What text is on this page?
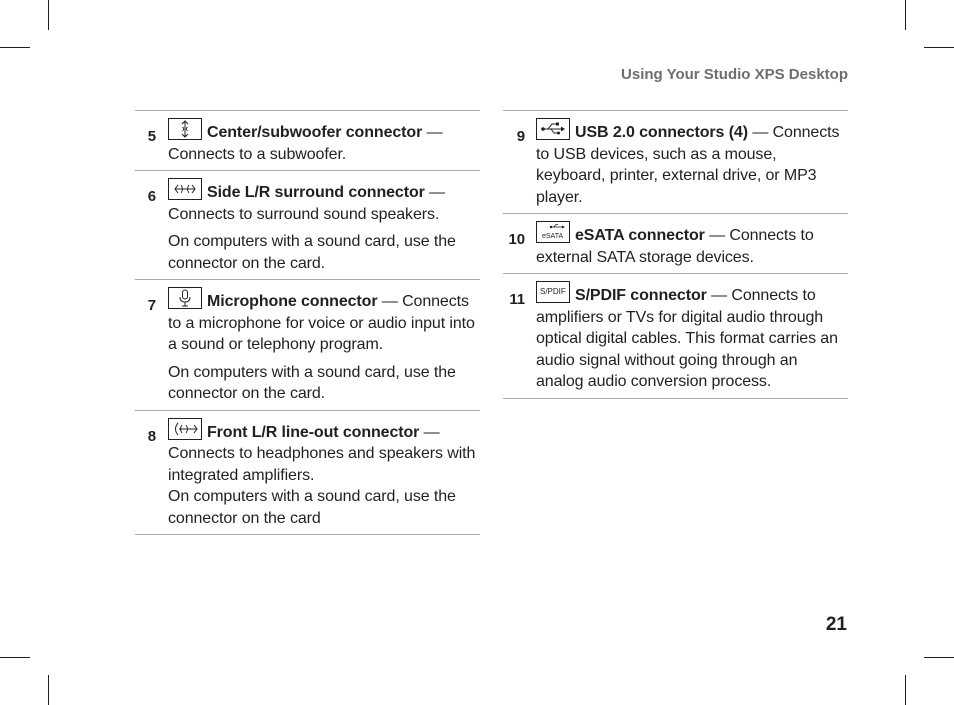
Using Your Studio XPS Desktop
5	Center/subwoofer connector — Connects to a subwoofer.
6	Side L/R surround connector — Connects to surround sound speakers.

On computers with a sound card, use the connector on the card.

7	Microphone connector — Connects to a microphone for voice or audio input into a sound or telephony program.

On computers with a sound card, use the connector on the card.

8	Front L/R line-out connector — Connects to headphones and speakers with integrated amplifiers.

On computers with a sound card, use the connector on the card

9	USB 2.0 connectors (4) — Connects to USB devices, such as a mouse, keyboard, printer, external drive, or MP3 player.
10 eSATA eSATA connector — Connects to external SATA storage devices.
11 S/PDIF S/PDIF connector — Connects to amplifiers or TVs for digital audio through optical digital cables. This format carries an audio signal without going through an analog audio conversion process.
21
